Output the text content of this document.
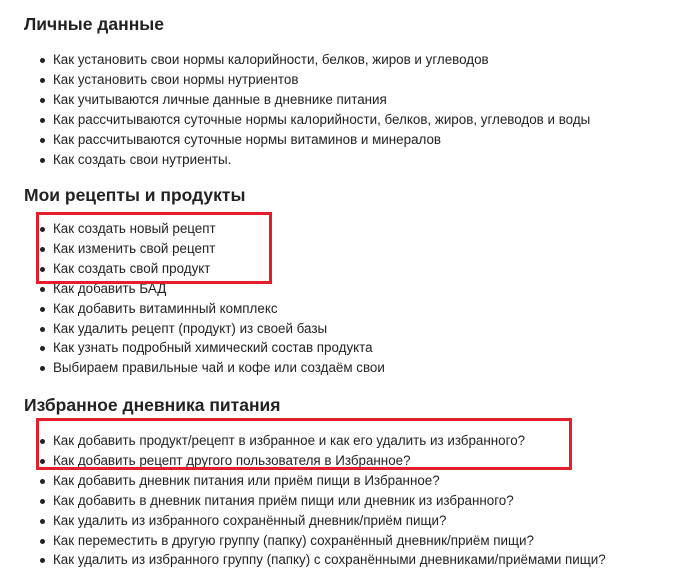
Личные данные
Как установить свои нормы калорийности, белков, жиров и углеводов
Как установить свои нормы нутриентов
Как учитываются личные данные в дневнике питания
Как рассчитываются суточные нормы калорийности, белков, жиров, углеводов и воды
Как рассчитываются суточные нормы витаминов и минералов
Как создать свои нутриенты.
Мои рецепты и продукты
Как создать новый рецепт
Как изменить свой рецепт
Как создать свой продукт
Как добавить БАД
Как добавить витаминный комплекс
Как удалить рецепт (продукт) из своей базы
Как узнать подробный химический состав продукта
Выбираем правильные чай и кофе или создаём свои
Избранное дневника питания
Как добавить продукт/рецепт в избранное и как его удалить из избранного?
Как добавить рецепт другого пользователя в Избранное?
Как добавить дневник питания или приём пищи в Избранное?
Как добавить в дневник питания приём пищи или дневник из избранного?
Как удалить из избранного сохранённый дневник/приём пищи?
Как переместить в другую группу (папку) сохранённый дневник/приём пищи?
Как удалить из избранного группу (папку) с сохранёнными дневниками/приёмами пищи?
